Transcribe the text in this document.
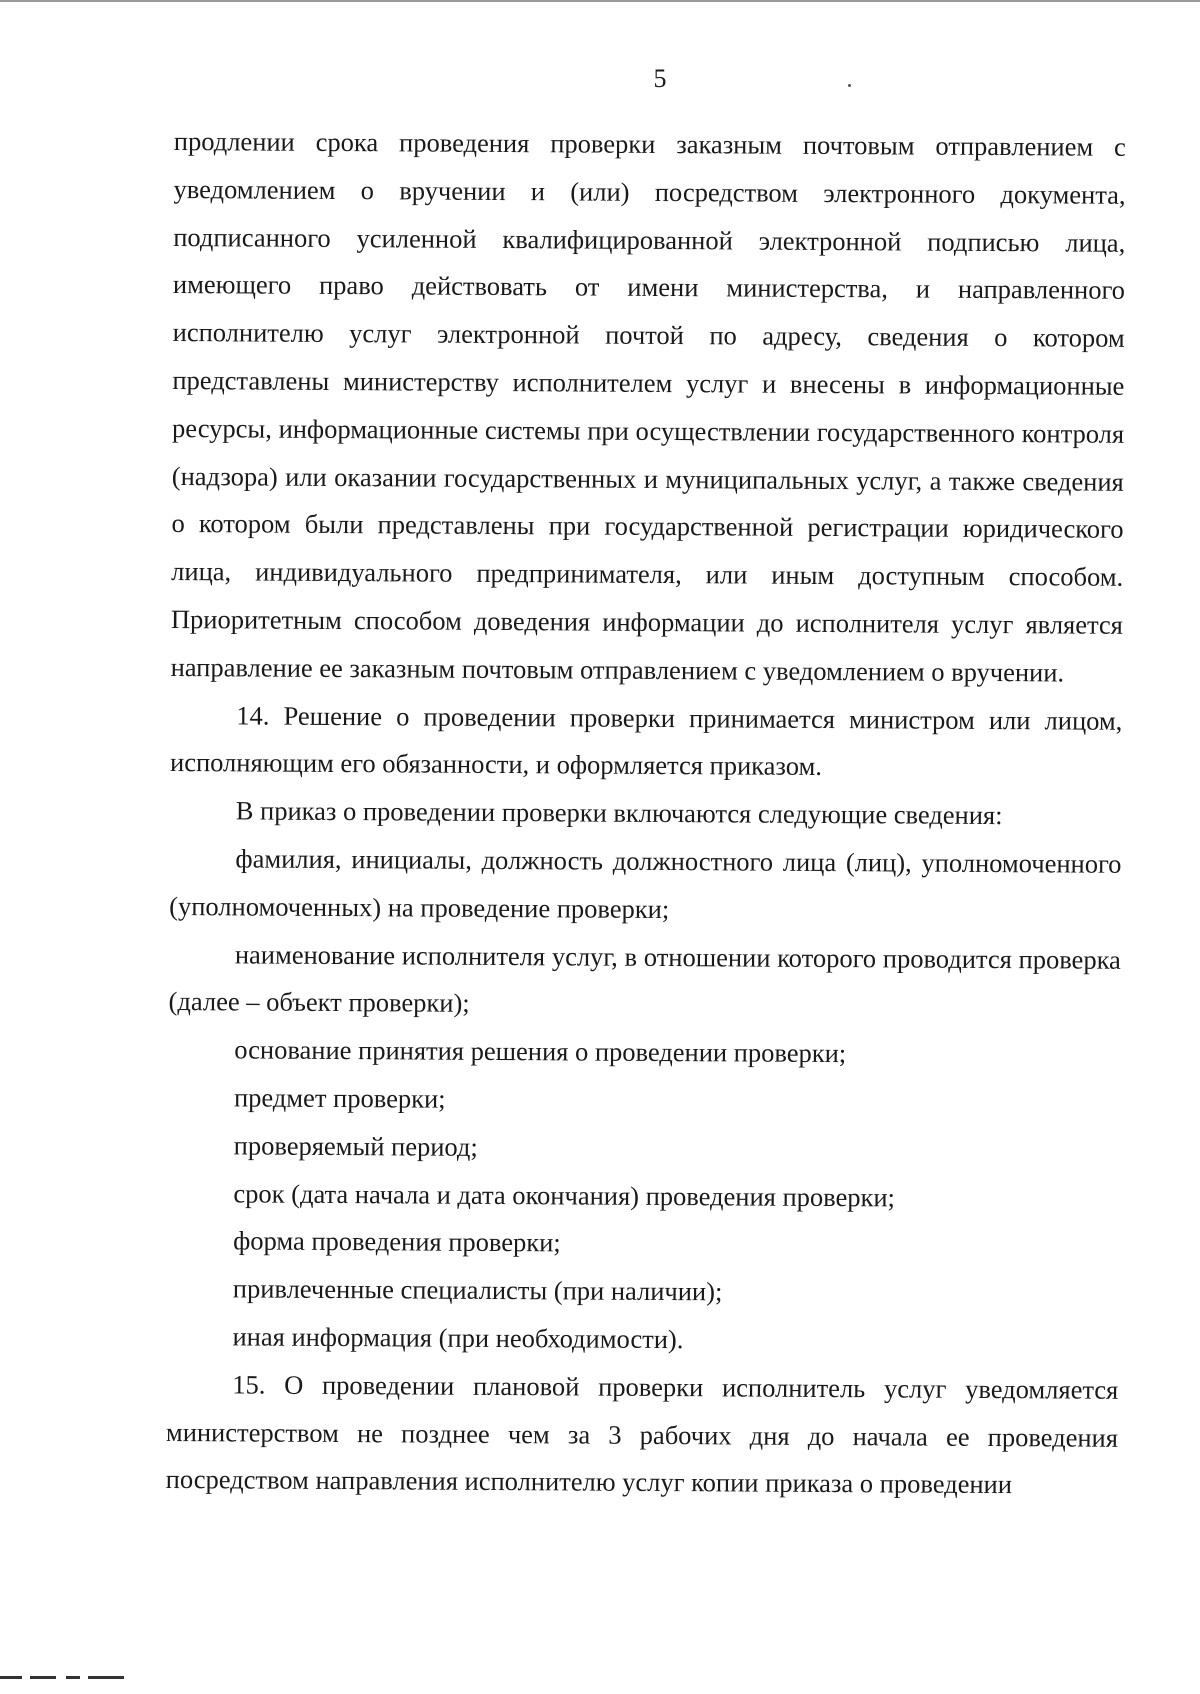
5

продлении срока проведения проверки заказным почтовым отправлением с уведомлением о вручении и (или) посредством электронного документа, подписанного усиленной квалифицированной электронной подписью лица, имеющего право действовать от имени министерства, и направленного исполнителю услуг электронной почтой по адресу, сведения о котором представлены министерству исполнителем услуг и внесены в информационные ресурсы, информационные системы при осуществлении государственного контроля (надзора) или оказании государственных и муниципальных услуг, а также сведения о котором были представлены при государственной регистрации юридического лица, индивидуального предпринимателя, или иным доступным способом. Приоритетным способом доведения информации до исполнителя услуг является направление ее заказным почтовым отправлением с уведомлением о вручении.

14. Решение о проведении проверки принимается министром или лицом, исполняющим его обязанности, и оформляется приказом.

В приказ о проведении проверки включаются следующие сведения:

фамилия, инициалы, должность должностного лица (лиц), уполномоченного (уполномоченных) на проведение проверки;

наименование исполнителя услуг, в отношении которого проводится проверка (далее – объект проверки);

основание принятия решения о проведении проверки;

предмет проверки;

проверяемый период;

срок (дата начала и дата окончания) проведения проверки;

форма проведения проверки;

привлеченные специалисты (при наличии);

иная информация (при необходимости).

15. О проведении плановой проверки исполнитель услуг уведомляется министерством не позднее чем за 3 рабочих дня до начала ее проведения посредством направления исполнителю услуг копии приказа о проведении
